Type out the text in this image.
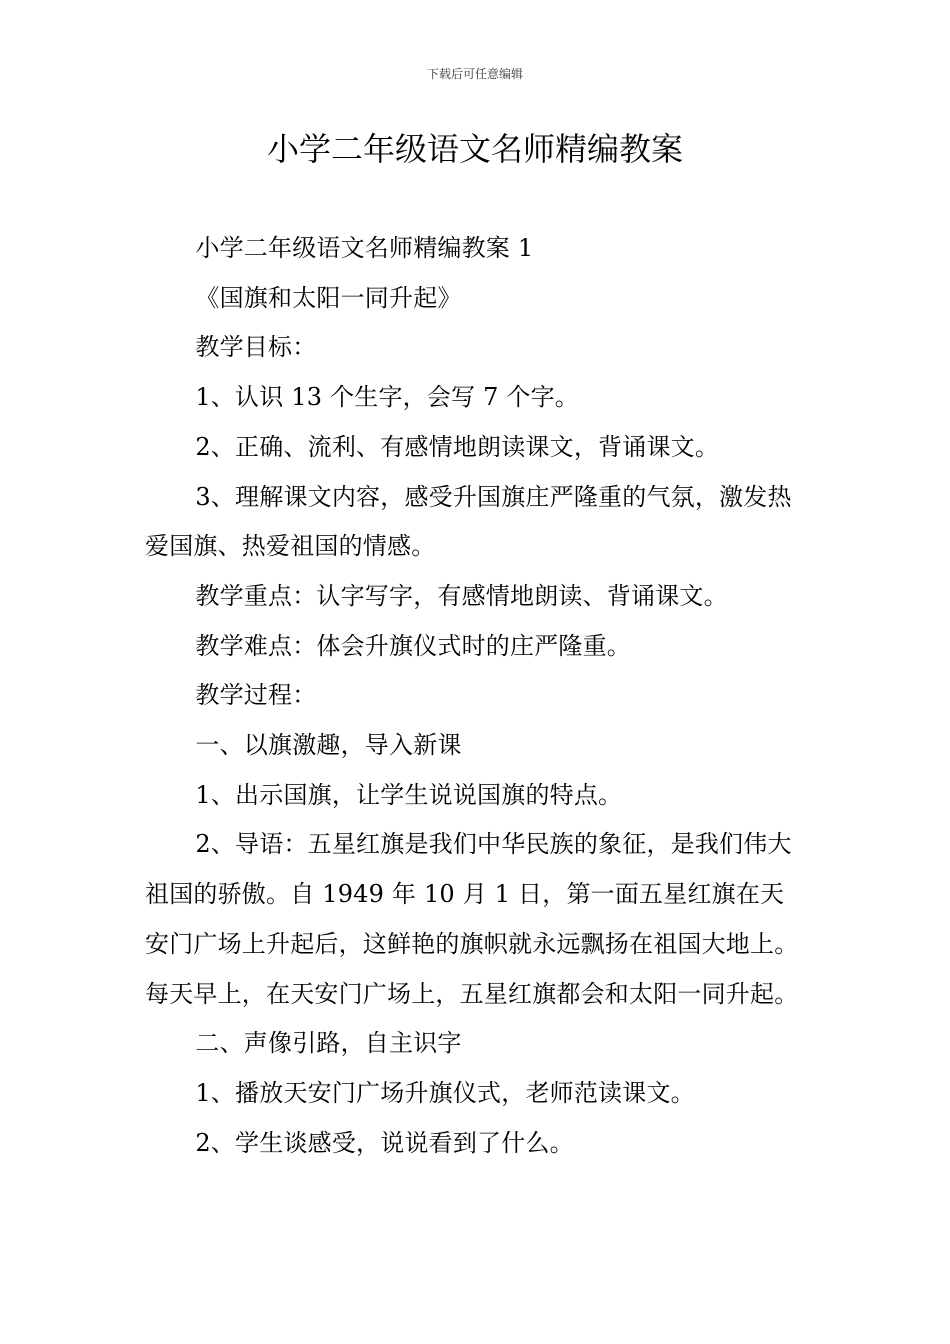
下载后可任意编辑
小学二年级语文名师精编教案

小学二年级语文名师精编教案 1

《国旗和太阳一同升起》

教学目标：

1、认识 13 个生字，会写 7 个字。

2、正确、流利、有感情地朗读课文，背诵课文。

3、理解课文内容，感受升国旗庄严隆重的气氛，激发热爱国旗、热爱祖国的情感。

教学重点：认字写字，有感情地朗读、背诵课文。

教学难点：体会升旗仪式时的庄严隆重。

教学过程：

一、以旗激趣，导入新课

1、出示国旗，让学生说说国旗的特点。

2、导语：五星红旗是我们中华民族的象征，是我们伟大祖国的骄傲。自 1949 年 10 月 1 日，第一面五星红旗在天安门广场上升起后，这鲜艳的旗帜就永远飘扬在祖国大地上。每天早上，在天安门广场上，五星红旗都会和太阳一同升起。

二、声像引路，自主识字

1、播放天安门广场升旗仪式，老师范读课文。

2、学生谈感受，说说看到了什么。
